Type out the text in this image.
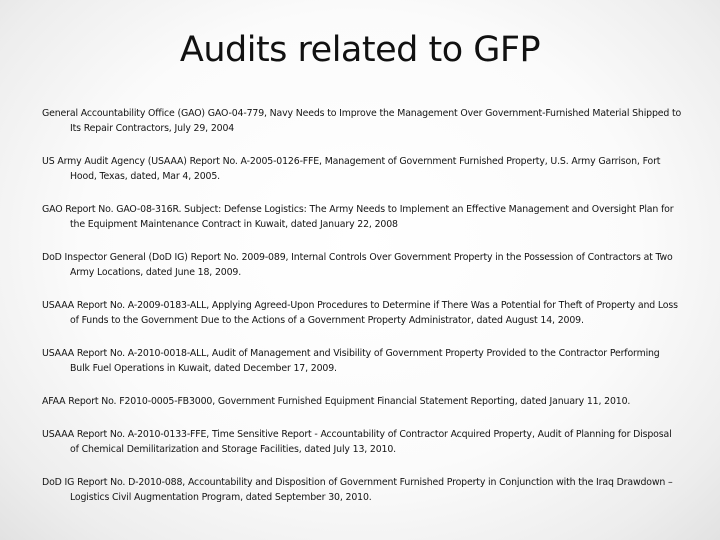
Audits related to GFP
General Accountability Office (GAO) GAO-04-779, Navy Needs to Improve the Management Over Government-Furnished Material Shipped to Its Repair Contractors, July 29, 2004
US Army Audit Agency (USAAA) Report No. A-2005-0126-FFE, Management of Government Furnished Property, U.S. Army Garrison, Fort Hood, Texas, dated, Mar 4, 2005.
GAO Report No. GAO-08-316R. Subject: Defense Logistics: The Army Needs to Implement an Effective Management and Oversight Plan for the Equipment Maintenance Contract in Kuwait, dated January 22, 2008
DoD Inspector General (DoD IG) Report No. 2009-089, Internal Controls Over Government Property in the Possession of Contractors at Two Army Locations, dated June 18, 2009.
USAAA Report No. A-2009-0183-ALL, Applying Agreed-Upon Procedures to Determine if There Was a Potential for Theft of Property and Loss of Funds to the Government Due to the Actions of a Government Property Administrator, dated August 14, 2009.
USAAA Report No. A-2010-0018-ALL, Audit of Management and Visibility of Government Property Provided to the Contractor Performing Bulk Fuel Operations in Kuwait, dated December 17, 2009.
AFAA Report No. F2010-0005-FB3000, Government Furnished Equipment Financial Statement Reporting, dated January 11, 2010.
USAAA Report No. A-2010-0133-FFE, Time Sensitive Report - Accountability of Contractor Acquired Property, Audit of Planning for Disposal of Chemical Demilitarization and Storage Facilities, dated July 13, 2010.
DoD IG Report No. D-2010-088, Accountability and Disposition of Government Furnished Property in Conjunction with the Iraq Drawdown – Logistics Civil Augmentation Program, dated September 30, 2010.
